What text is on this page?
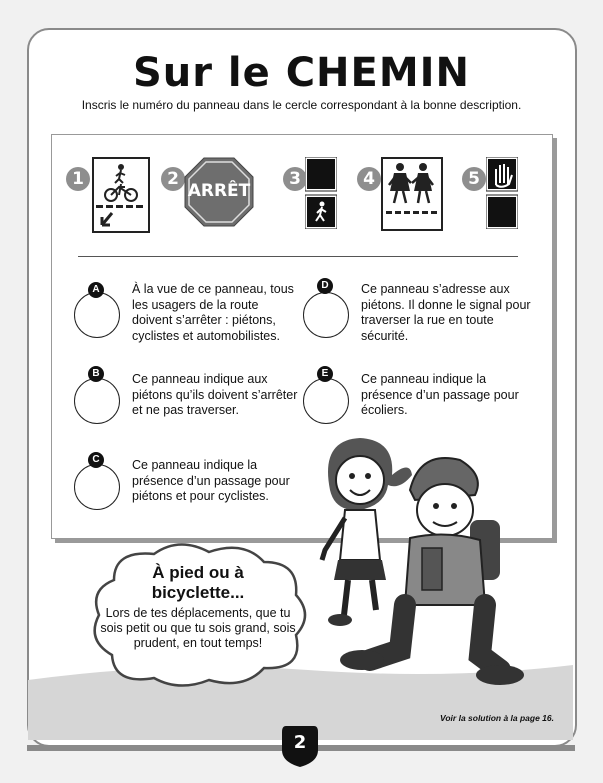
Sur le CHEMIN
Inscris le numéro du panneau dans le cercle correspondant à la bonne description.
1	2
ARRÊT
3	4	5
A	À la vue de ce panneau, tous les usagers de la route doivent s’arrêter : piétons, cyclistes et automobilistes.
B	Ce panneau indique aux piétons qu’ils doivent s’arrêter et ne pas traverser.
C	Ce panneau indique la présence d’un passage pour piétons et pour cyclistes.
D	Ce panneau s’adresse aux piétons. Il donne le signal pour traverser la rue en toute sécurité.
E	Ce panneau indique la présence d’un passage pour écoliers.
À pied ou à bicyclette...
Lors de tes déplacements, que tu sois petit ou que tu sois grand, sois prudent, en tout temps!
Voir la solution à la page 16.
2
